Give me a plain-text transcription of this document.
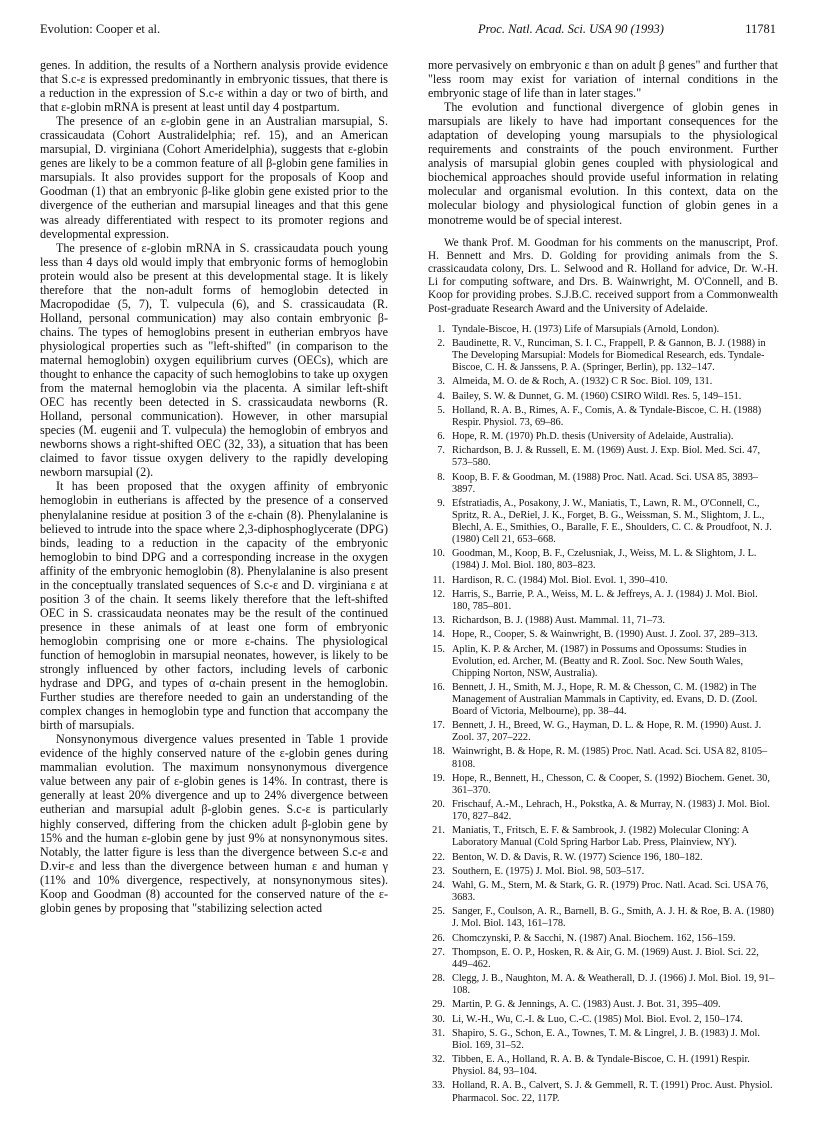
Evolution: Cooper et al.	Proc. Natl. Acad. Sci. USA 90 (1993)	11781

genes. In addition, the results of a Northern analysis provide evidence that S.c-ε is expressed predominantly in embryonic tissues, that there is a reduction in the expression of S.c-ε within a day or two of birth, and that ε-globin mRNA is present at least until day 4 postpartum.

The presence of an ε-globin gene in an Australian marsupial, S. crassicaudata (Cohort Australidelphia; ref. 15), and an American marsupial, D. virginiana (Cohort Ameridelphia), suggests that ε-globin genes are likely to be a common feature of all β-globin gene families in marsupials. It also provides support for the proposals of Koop and Goodman (1) that an embryonic β-like globin gene existed prior to the divergence of the eutherian and marsupial lineages and that this gene was already differentiated with respect to its promoter regions and developmental expression.

The presence of ε-globin mRNA in S. crassicaudata pouch young less than 4 days old would imply that embryonic forms of hemoglobin protein would also be present at this developmental stage. It is likely therefore that the non-adult forms of hemoglobin detected in Macropodidae (5, 7), T. vulpecula (6), and S. crassicaudata (R. Holland, personal communication) may also contain embryonic β-chains. The types of hemoglobins present in eutherian embryos have physiological properties such as "left-shifted" (in comparison to the maternal hemoglobin) oxygen equilibrium curves (OECs), which are thought to enhance the capacity of such hemoglobins to take up oxygen from the maternal hemoglobin via the placenta. A similar left-shift OEC has recently been detected in S. crassicaudata newborns (R. Holland, personal communication). However, in other marsupial species (M. eugenii and T. vulpecula) the hemoglobin of embryos and newborns shows a right-shifted OEC (32, 33), a situation that has been claimed to favor tissue oxygen delivery to the rapidly developing newborn marsupial (2).

It has been proposed that the oxygen affinity of embryonic hemoglobin in eutherians is affected by the presence of a conserved phenylalanine residue at position 3 of the ε-chain (8). Phenylalanine is believed to intrude into the space where 2,3-diphosphoglycerate (DPG) binds, leading to a reduction in the capacity of the embryonic hemoglobin to bind DPG and a corresponding increase in the oxygen affinity of the embryonic hemoglobin (8). Phenylalanine is also present in the conceptually translated sequences of S.c-ε and D. virginiana ε at position 3 of the chain. It seems likely therefore that the left-shifted OEC in S. crassicaudata neonates may be the result of the continued presence in these animals of at least one form of embryonic hemoglobin comprising one or more ε-chains. The physiological function of hemoglobin in marsupial neonates, however, is likely to be strongly influenced by other factors, including levels of carbonic hydrase and DPG, and types of α-chain present in the hemoglobin. Further studies are therefore needed to gain an understanding of the complex changes in hemoglobin type and function that accompany the birth of marsupials.

Nonsynonymous divergence values presented in Table 1 provide evidence of the highly conserved nature of the ε-globin genes during mammalian evolution. The maximum nonsynonymous divergence value between any pair of ε-globin genes is 14%. In contrast, there is generally at least 20% divergence and up to 24% divergence between eutherian and marsupial adult β-globin genes. S.c-ε is particularly highly conserved, differing from the chicken adult β-globin gene by 15% and the human ε-globin gene by just 9% at nonsynonymous sites. Notably, the latter figure is less than the divergence between S.c-ε and D.vir-ε and less than the divergence between human ε and human γ (11% and 10% divergence, respectively, at nonsynonymous sites). Koop and Goodman (8) accounted for the conserved nature of the ε-globin genes by proposing that "stabilizing selection acted

more pervasively on embryonic ε than on adult β genes" and further that "less room may exist for variation of internal conditions in the embryonic stage of life than in later stages."

The evolution and functional divergence of globin genes in marsupials are likely to have had important consequences for the adaptation of developing young marsupials to the physiological requirements and constraints of the pouch environment. Further analysis of marsupial globin genes coupled with physiological and biochemical approaches should provide useful information in relating molecular and organismal evolution. In this context, data on the molecular biology and physiological function of globin genes in a monotreme would be of special interest.

We thank Prof. M. Goodman for his comments on the manuscript, Prof. H. Bennett and Mrs. D. Golding for providing animals from the S. crassicaudata colony, Drs. L. Selwood and R. Holland for advice, Dr. W.-H. Li for computing software, and Drs. B. Wainwright, M. O'Connell, and B. Koop for providing probes. S.J.B.C. received support from a Commonwealth Post-graduate Research Award and the University of Adelaide.

1. Tyndale-Biscoe, H. (1973) Life of Marsupials (Arnold, London).
2. Baudinette, R. V., Runciman, S. I. C., Frappell, P. & Gannon, B. J. (1988) in The Developing Marsupial: Models for Biomedical Research, eds. Tyndale-Biscoe, C. H. & Janssens, P. A. (Springer, Berlin), pp. 132–147.
3. Almeida, M. O. de & Roch, A. (1932) C R Soc. Biol. 109, 131.
4. Bailey, S. W. & Dunnet, G. M. (1960) CSIRO Wildl. Res. 5, 149–151.
5. Holland, R. A. B., Rimes, A. F., Comis, A. & Tyndale-Biscoe, C. H. (1988) Respir. Physiol. 73, 69–86.
6. Hope, R. M. (1970) Ph.D. thesis (University of Adelaide, Australia).
7. Richardson, B. J. & Russell, E. M. (1969) Aust. J. Exp. Biol. Med. Sci. 47, 573–580.
8. Koop, B. F. & Goodman, M. (1988) Proc. Natl. Acad. Sci. USA 85, 3893–3897.
9. Efstratiadis, A., Posakony, J. W., Maniatis, T., Lawn, R. M., O'Connell, C., Spritz, R. A., DeRiel, J. K., Forget, B. G., Weissman, S. M., Slightom, J. L., Blechl, A. E., Smithies, O., Baralle, F. E., Shoulders, C. C. & Proudfoot, N. J. (1980) Cell 21, 653–668.
10. Goodman, M., Koop, B. F., Czelusniak, J., Weiss, M. L. & Slightom, J. L. (1984) J. Mol. Biol. 180, 803–823.
11. Hardison, R. C. (1984) Mol. Biol. Evol. 1, 390–410.
12. Harris, S., Barrie, P. A., Weiss, M. L. & Jeffreys, A. J. (1984) J. Mol. Biol. 180, 785–801.
13. Richardson, B. J. (1988) Aust. Mammal. 11, 71–73.
14. Hope, R., Cooper, S. & Wainwright, B. (1990) Aust. J. Zool. 37, 289–313.
15. Aplin, K. P. & Archer, M. (1987) in Possums and Opossums: Studies in Evolution, ed. Archer, M. (Beatty and R. Zool. Soc. New South Wales, Chipping Norton, NSW, Australia).
16. Bennett, J. H., Smith, M. J., Hope, R. M. & Chesson, C. M. (1982) in The Management of Australian Mammals in Captivity, ed. Evans, D. D. (Zool. Board of Victoria, Melbourne), pp. 38–44.
17. Bennett, J. H., Breed, W. G., Hayman, D. L. & Hope, R. M. (1990) Aust. J. Zool. 37, 207–222.
18. Wainwright, B. & Hope, R. M. (1985) Proc. Natl. Acad. Sci. USA 82, 8105–8108.
19. Hope, R., Bennett, H., Chesson, C. & Cooper, S. (1992) Biochem. Genet. 30, 361–370.
20. Frischauf, A.-M., Lehrach, H., Pokstka, A. & Murray, N. (1983) J. Mol. Biol. 170, 827–842.
21. Maniatis, T., Fritsch, E. F. & Sambrook, J. (1982) Molecular Cloning: A Laboratory Manual (Cold Spring Harbor Lab. Press, Plainview, NY).
22. Benton, W. D. & Davis, R. W. (1977) Science 196, 180–182.
23. Southern, E. (1975) J. Mol. Biol. 98, 503–517.
24. Wahl, G. M., Stern, M. & Stark, G. R. (1979) Proc. Natl. Acad. Sci. USA 76, 3683.
25. Sanger, F., Coulson, A. R., Barnell, B. G., Smith, A. J. H. & Roe, B. A. (1980) J. Mol. Biol. 143, 161–178.
26. Chomczynski, P. & Sacchi, N. (1987) Anal. Biochem. 162, 156–159.
27. Thompson, E. O. P., Hosken, R. & Air, G. M. (1969) Aust. J. Biol. Sci. 22, 449–462.
28. Clegg, J. B., Naughton, M. A. & Weatherall, D. J. (1966) J. Mol. Biol. 19, 91–108.
29. Martin, P. G. & Jennings, A. C. (1983) Aust. J. Bot. 31, 395–409.
30. Li, W.-H., Wu, C.-I. & Luo, C.-C. (1985) Mol. Biol. Evol. 2, 150–174.
31. Shapiro, S. G., Schon, E. A., Townes, T. M. & Lingrel, J. B. (1983) J. Mol. Biol. 169, 31–52.
32. Tibben, E. A., Holland, R. A. B. & Tyndale-Biscoe, C. H. (1991) Respir. Physiol. 84, 93–104.
33. Holland, R. A. B., Calvert, S. J. & Gemmell, R. T. (1991) Proc. Aust. Physiol. Pharmacol. Soc. 22, 117P.
